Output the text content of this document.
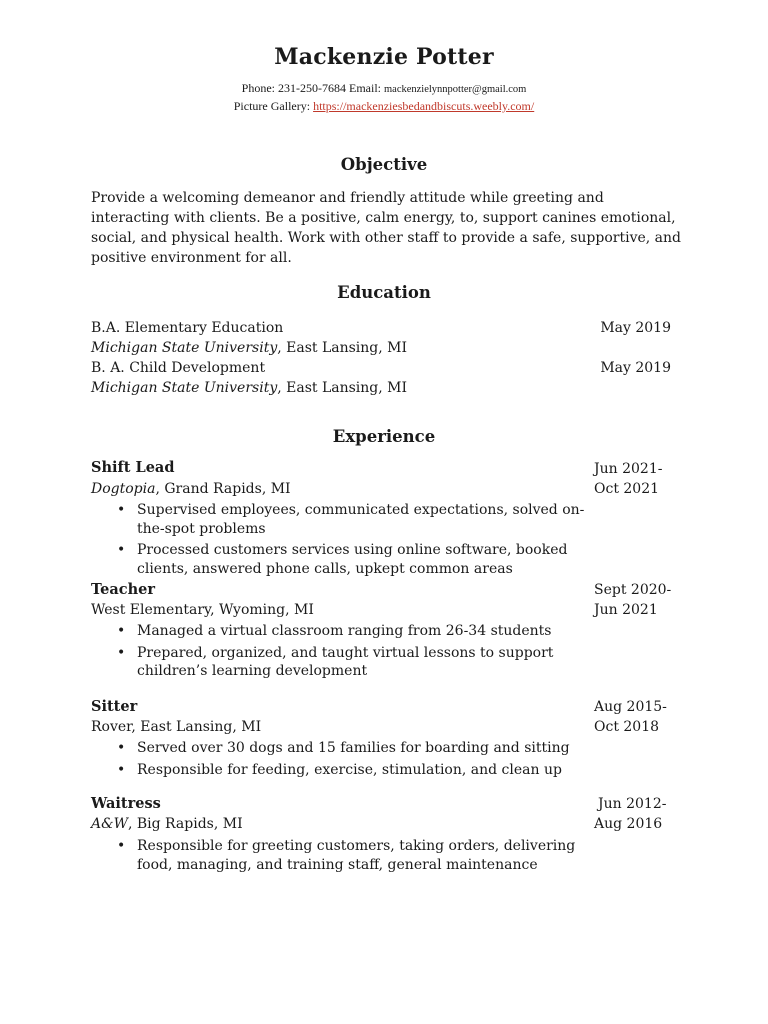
Mackenzie Potter
Phone: 231-250-7684 Email: mackenzielynnpotter@gmail.com
Picture Gallery: https://mackenziesbedandbiscuts.weebly.com/
Objective
Provide a welcoming demeanor and friendly attitude while greeting and interacting with clients. Be a positive, calm energy, to, support canines emotional, social, and physical health. Work with other staff to provide a safe, supportive, and positive environment for all.
Education
B.A. Elementary Education	May 2019
Michigan State University, East Lansing, MI
B. A. Child Development	May 2019
Michigan State University, East Lansing, MI
Experience
Shift Lead
Dogtopia, Grand Rapids, MI
Jun 2021-
Oct 2021
• Supervised employees, communicated expectations, solved on-the-spot problems
• Processed customers services using online software, booked clients, answered phone calls, upkept common areas
Teacher
West Elementary, Wyoming, MI
Sept 2020-
Jun 2021
• Managed a virtual classroom ranging from 26-34 students
• Prepared, organized, and taught virtual lessons to support children’s learning development
Sitter
Rover, East Lansing, MI
Aug 2015-
Oct 2018
• Served over 30 dogs and 15 families for boarding and sitting
• Responsible for feeding, exercise, stimulation, and clean up
Waitress
A&W, Big Rapids, MI
Jun 2012-
Aug 2016
• Responsible for greeting customers, taking orders, delivering food, managing, and training staff, general maintenance
